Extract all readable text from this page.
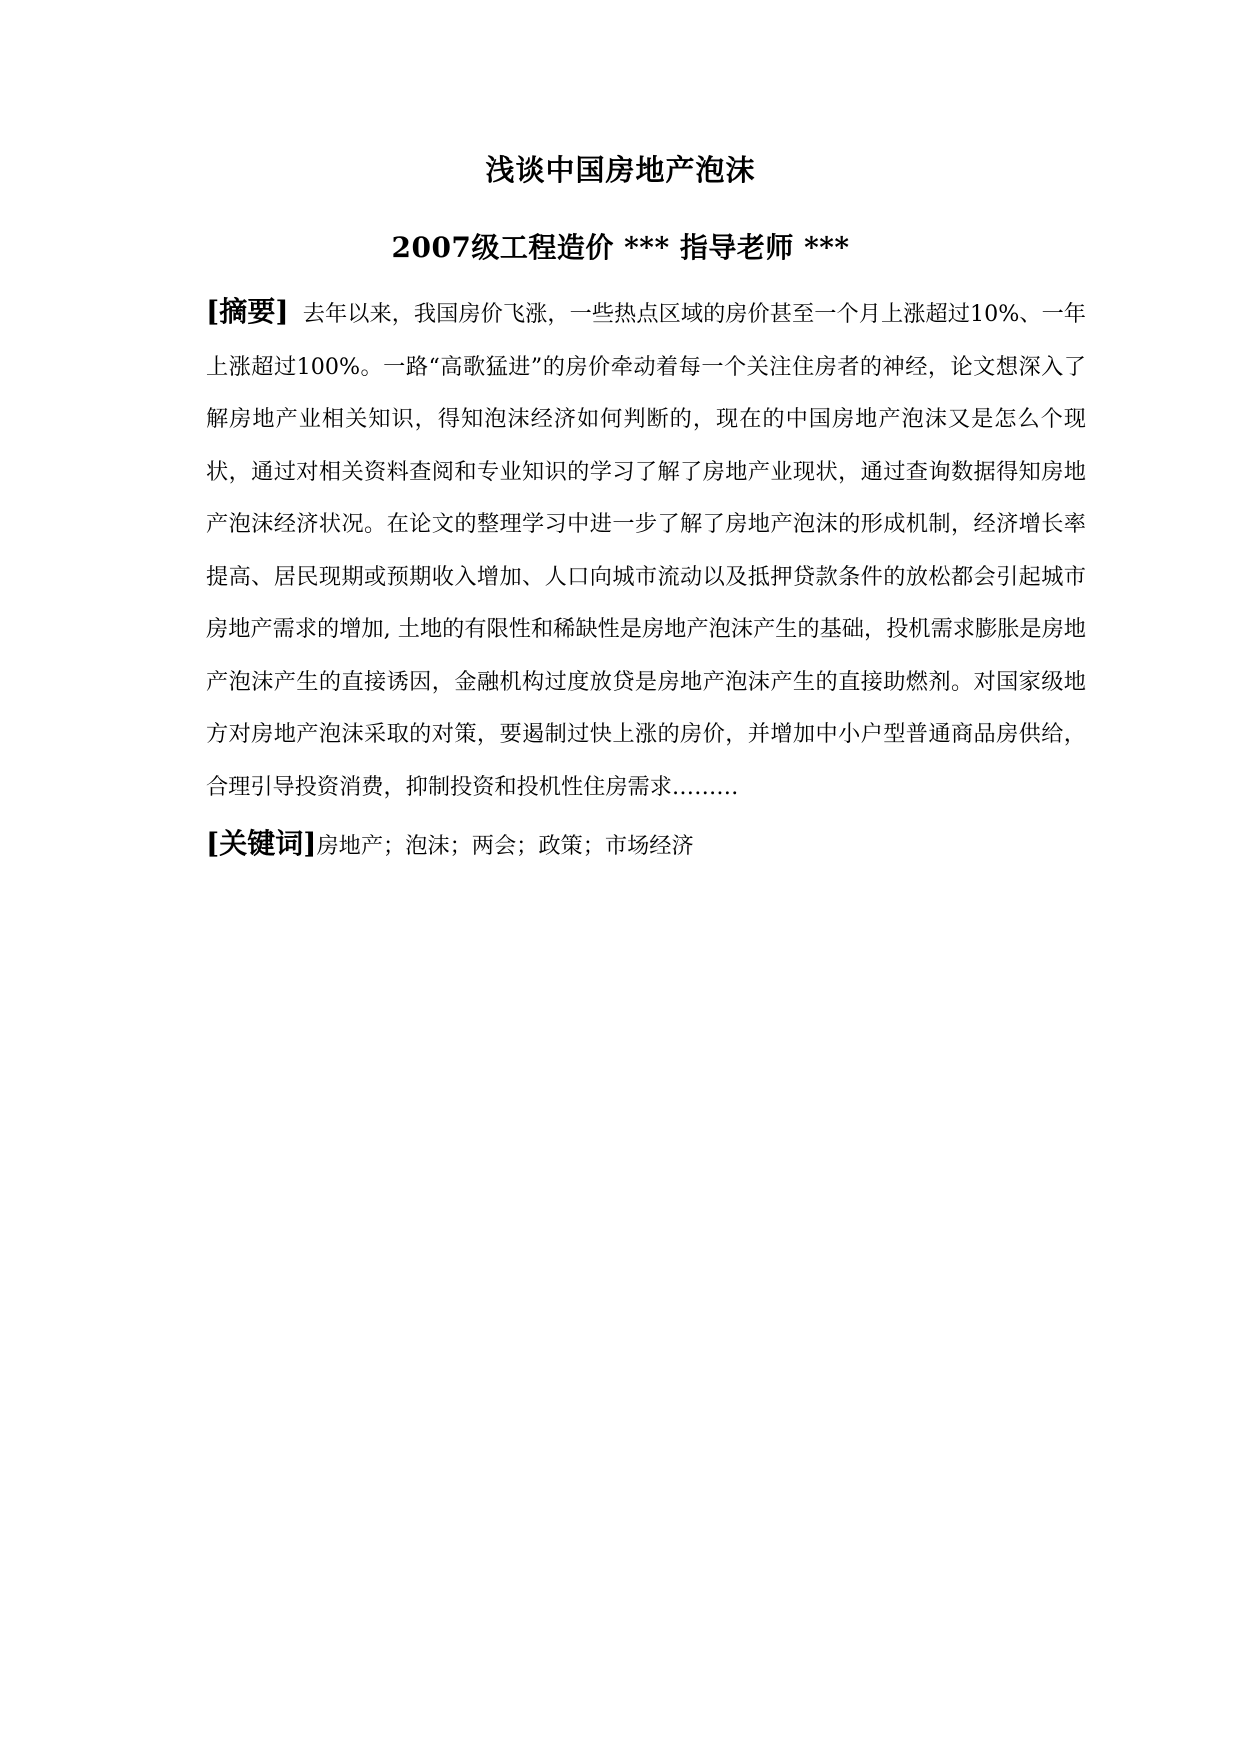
浅谈中国房地产泡沫
2007级工程造价 *** 指导老师 ***

[摘要] 去年以来，我国房价飞涨，一些热点区域的房价甚至一个月上涨超过10%、一年上涨超过100%。一路“高歌猛进”的房价牵动着每一个关注住房者的神经，论文想深入了解房地产业相关知识，得知泡沫经济如何判断的，现在的中国房地产泡沫又是怎么个现状，通过对相关资料查阅和专业知识的学习了解了房地产业现状，通过查询数据得知房地产泡沫经济状况。在论文的整理学习中进一步了解了房地产泡沫的形成机制，经济增长率提高、居民现期或预期收入增加、人口向城市流动以及抵押贷款条件的放松都会引起城市房地产需求的增加, 土地的有限性和稀缺性是房地产泡沫产生的基础，投机需求膨胀是房地产泡沫产生的直接诱因，金融机构过度放贷是房地产泡沫产生的直接助燃剂。对国家级地方对房地产泡沫采取的对策，要遏制过快上涨的房价，并增加中小户型普通商品房供给，合理引导投资消费，抑制投资和投机性住房需求………

[关键词]房地产；泡沫；两会；政策；市场经济
